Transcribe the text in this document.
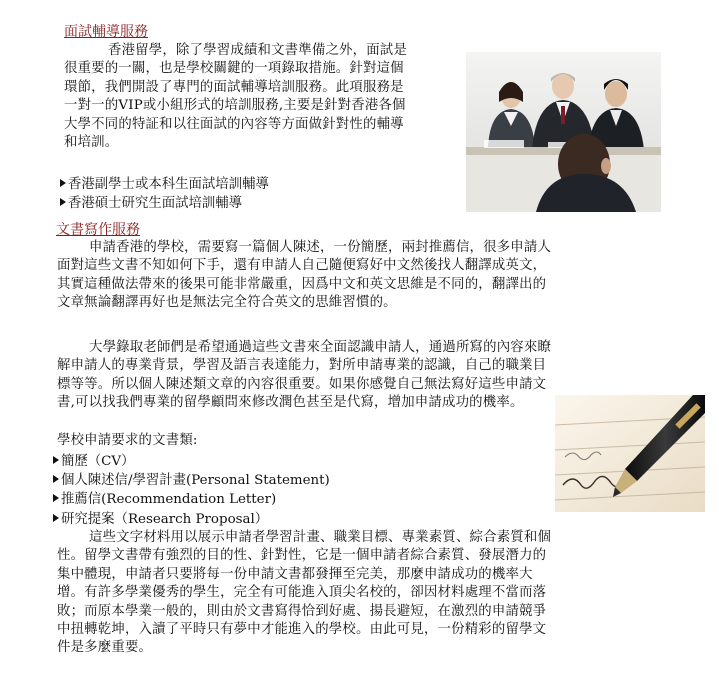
面試輔導服務

香港留學，除了學習成績和文書準備之外，面試是很重要的一關，也是學校關鍵的一項錄取措施。針對這個環節，我們開設了專門的面試輔導培訓服務。此項服務是一對一的VIP或小組形式的培訓服務,主要是針對香港各個大學不同的特証和以往面試的內容等方面做針對性的輔導和培訓。

香港副學士或本科生面試培訓輔導
香港碩士研究生面試培訓輔導
文書寫作服務

申請香港的學校，需要寫一篇個人陳述，一份簡歷，兩封推薦信，很多申請人面對這些文書不知如何下手，還有申請人自己隨便寫好中文然後找人翻譯成英文，其實這種做法帶來的後果可能非常嚴重，因爲中文和英文思維是不同的，翻譯出的文章無論翻譯再好也是無法完全符合英文的思維習慣的。

大學錄取老師們是希望通過這些文書來全面認識申請人，通過所寫的內容來瞭解申請人的專業背景，學習及語言表達能力，對所申請專業的認識，自己的職業目標等等。所以個人陳述類文章的內容很重要。如果你感覺自己無法寫好這些申請文書,可以找我們專業的留學顧問來修改潤色甚至是代寫，增加申請成功的機率。

學校申請要求的文書類:
簡歷（CV）
個人陳述信/學習計畫(Personal Statement)
推薦信(Recommendation Letter)
研究提案（Research Proposal）

這些文字材料用以展示申請者學習計畫、職業目標、專業素質、綜合素質和個性。留學文書帶有強烈的目的性、針對性，它是一個申請者綜合素質、發展潛力的集中體現，申請者只要將每一份申請文書都發揮至完美，那麼申請成功的機率大增。有許多學業優秀的學生，完全有可能進入頂尖名校的，卻因材料處理不當而落敗；而原本學業一般的，則由於文書寫得恰到好處、揚長避短，在激烈的申請競爭中扭轉乾坤，入讀了平時只有夢中才能進入的學校。由此可見，一份精彩的留學文件是多麼重要。
